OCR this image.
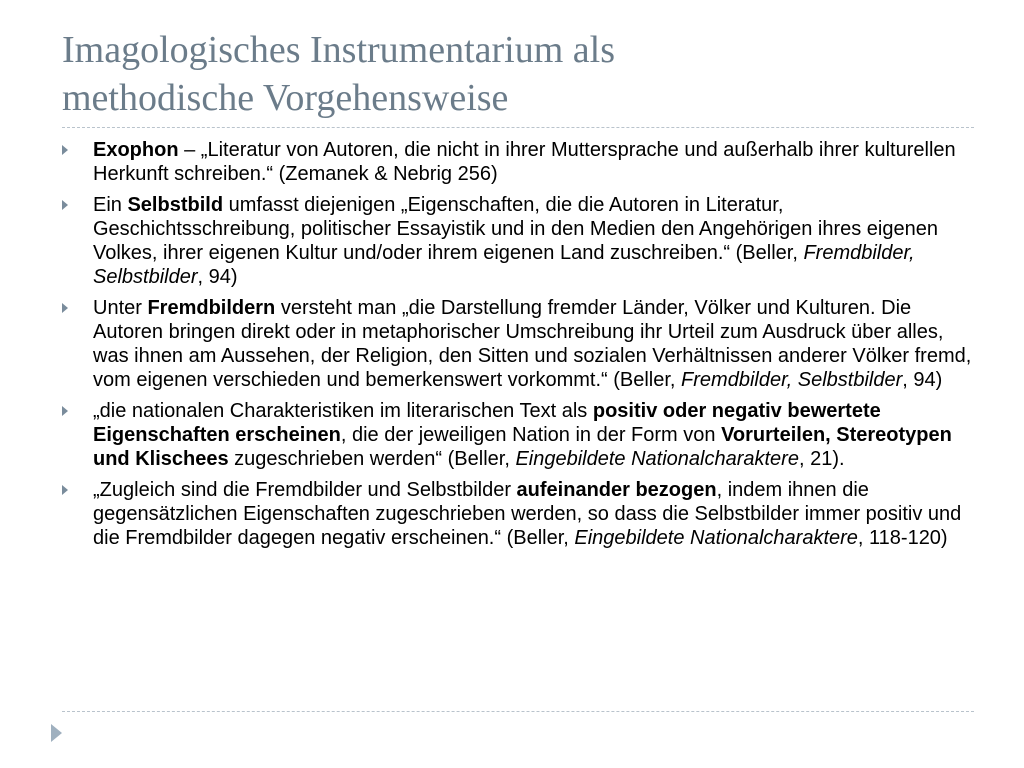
Imagologisches Instrumentarium als
methodische Vorgehensweise
Exophon – „Literatur von Autoren, die nicht in ihrer Muttersprache und außerhalb ihrer kulturellen Herkunft schreiben.“ (Zemanek & Nebrig 256)
Ein Selbstbild umfasst diejenigen „Eigenschaften, die die Autoren in Literatur, Geschichtsschreibung, politischer Essayistik und in den Medien den Angehörigen ihres eigenen Volkes, ihrer eigenen Kultur und/oder ihrem eigenen Land zuschreiben.“ (Beller, Fremdbilder, Selbstbilder, 94)
Unter Fremdbildern versteht man „die Darstellung fremder Länder, Völker und Kulturen. Die Autoren bringen direkt oder in metaphorischer Umschreibung ihr Urteil zum Ausdruck über alles, was ihnen am Aussehen, der Religion, den Sitten und sozialen Verhältnissen anderer Völker fremd, vom eigenen verschieden und bemerkenswert vorkommt.“ (Beller, Fremdbilder, Selbstbilder, 94)
„die nationalen Charakteristiken im literarischen Text als positiv oder negativ bewertete Eigenschaften erscheinen, die der jeweiligen Nation in der Form von Vorurteilen, Stereotypen und Klischees zugeschrieben werden“ (Beller, Eingebildete Nationalcharaktere, 21).
„Zugleich sind die Fremdbilder und Selbstbilder aufeinander bezogen, indem ihnen die gegensätzlichen Eigenschaften zugeschrieben werden, so dass die Selbstbilder immer positiv und die Fremdbilder dagegen negativ erscheinen.“ (Beller, Eingebildete Nationalcharaktere, 118-120)
